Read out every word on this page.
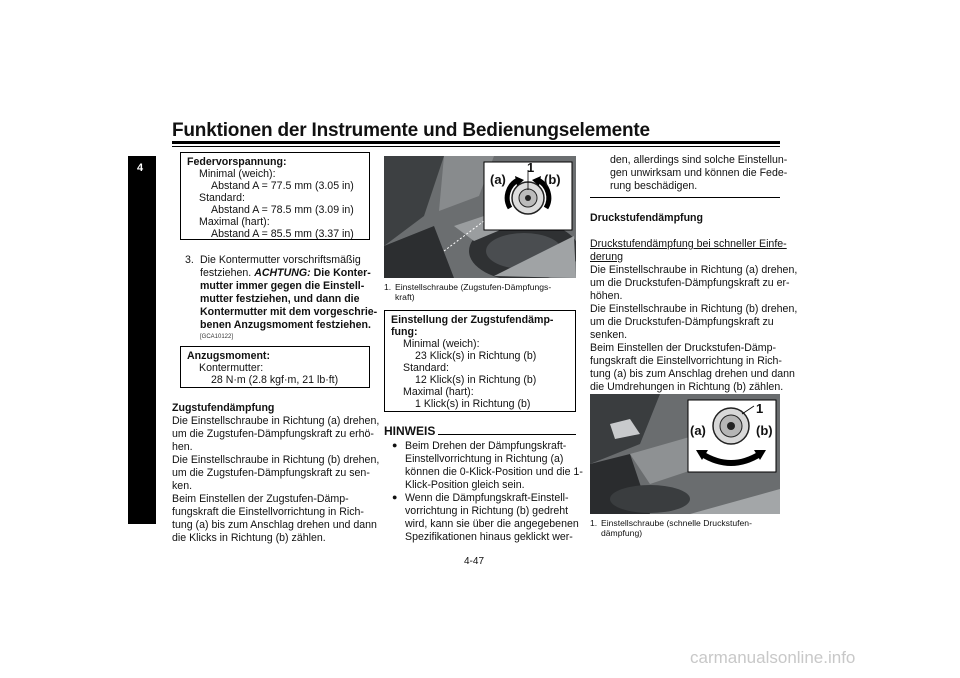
Funktionen der Instrumente und Bedienungselemente
4	Federvorspannung:
Minimal (weich):
Abstand A = 77.5 mm (3.05 in)
Standard:
Abstand A = 78.5 mm (3.09 in)
Maximal (hart):
Abstand A = 85.5 mm (3.37 in)
3. Die Kontermutter vorschriftsmäßig
festziehen. ACHTUNG: Die Konter-
mutter immer gegen die Einstell-
mutter festziehen, und dann die
Kontermutter mit dem vorgeschrie-
benen Anzugsmoment festziehen.
[GCA10122]
Anzugsmoment:
Kontermutter:
28 N·m (2.8 kgf·m, 21 lb·ft)
Zugstufendämpfung
Die Einstellschraube in Richtung (a) drehen,
um die Zugstufen-Dämpfungskraft zu erhö-
hen.
Die Einstellschraube in Richtung (b) drehen,
um die Zugstufen-Dämpfungskraft zu sen-
ken.
Beim Einstellen der Zugstufen-Dämp-
fungskraft die Einstellvorrichtung in Rich-
tung (a) bis zum Anschlag drehen und dann
die Klicks in Richtung (b) zählen.
(a)	(b)
1
1. Einstellschraube (Zugstufen-Dämpfungs-
kraft)
Einstellung der Zugstufendämp-
fung:
Minimal (weich):
23 Klick(s) in Richtung (b)
Standard:
12 Klick(s) in Richtung (b)
Maximal (hart):
1 Klick(s) in Richtung (b)
HINWEIS
● Beim Drehen der Dämpfungskraft-
Einstellvorrichtung in Richtung (a)
können die 0-Klick-Position und die 1-
Klick-Position gleich sein.
● Wenn die Dämpfungskraft-Einstell-
vorrichtung in Richtung (b) gedreht
wird, kann sie über die angegebenen
Spezifikationen hinaus geklickt wer-
den, allerdings sind solche Einstellun-
gen unwirksam und können die Fede-
rung beschädigen.
Druckstufendämpfung
Druckstufendämpfung bei schneller Einfe-
derung
Die Einstellschraube in Richtung (a) drehen,
um die Druckstufen-Dämpfungskraft zu er-
höhen.
Die Einstellschraube in Richtung (b) drehen,
um die Druckstufen-Dämpfungskraft zu
senken.
Beim Einstellen der Druckstufen-Dämp-
fungskraft die Einstellvorrichtung in Rich-
tung (a) bis zum Anschlag drehen und dann
die Umdrehungen in Richtung (b) zählen.
(a)	(b)
1
1. Einstellschraube (schnelle Druckstufen-
dämpfung)
4-47
carmanualsonline.info
